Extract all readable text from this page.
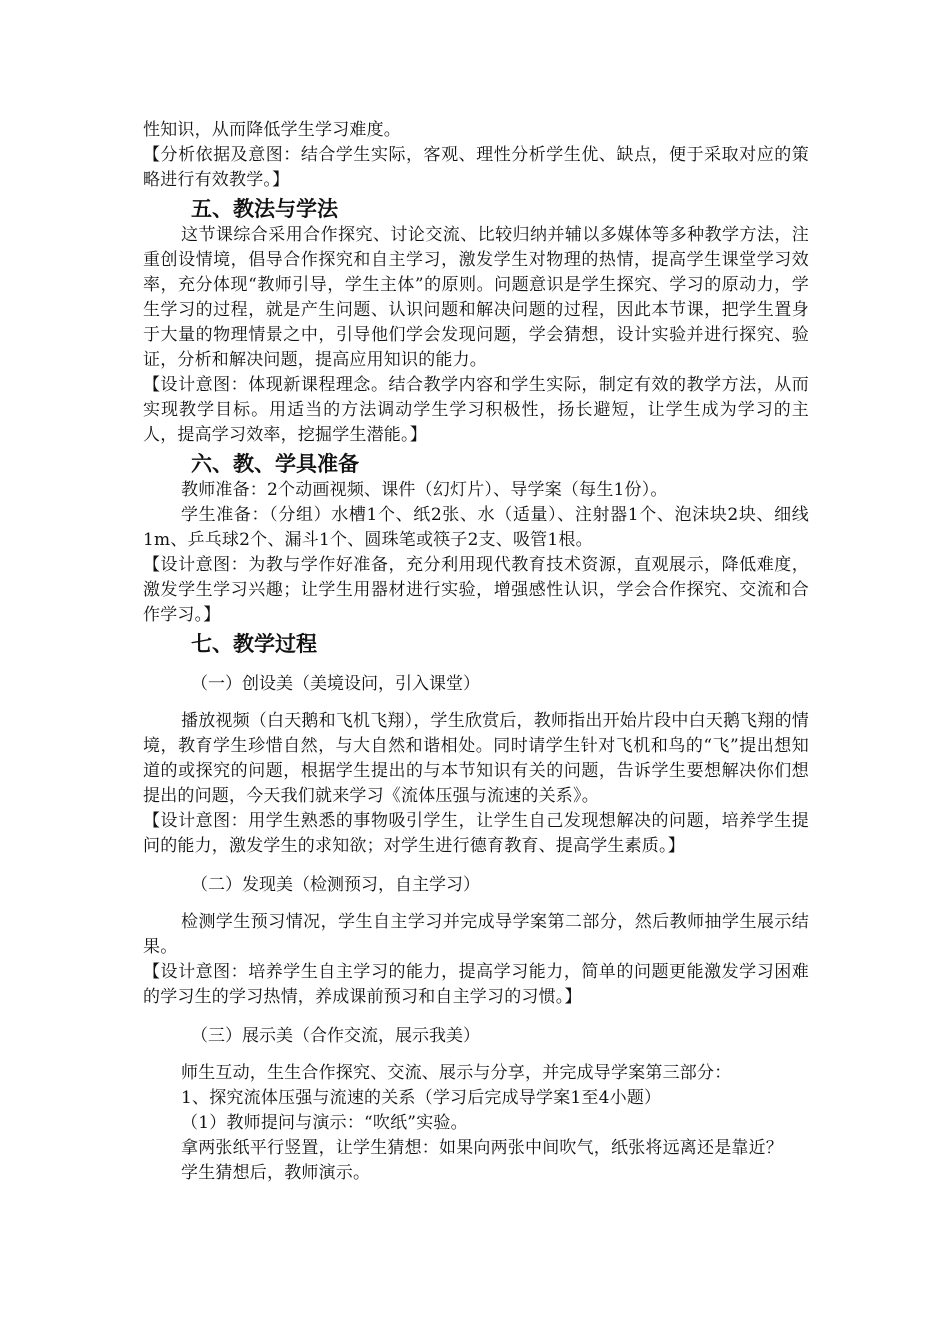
性知识，从而降低学生学习难度。

【分析依据及意图：结合学生实际，客观、理性分析学生优、缺点，便于采取对应的策略进行有效教学。】

五、教法与学法

这节课综合采用合作探究、讨论交流、比较归纳并辅以多媒体等多种教学方法，注重创设情境，倡导合作探究和自主学习，激发学生对物理的热情，提高学生课堂学习效率，充分体现“教师引导，学生主体”的原则。问题意识是学生探究、学习的原动力，学生学习的过程，就是产生问题、认识问题和解决问题的过程，因此本节课，把学生置身于大量的物理情景之中，引导他们学会发现问题，学会猜想，设计实验并进行探究、验证，分析和解决问题，提高应用知识的能力。

【设计意图：体现新课程理念。结合教学内容和学生实际，制定有效的教学方法，从而实现教学目标。用适当的方法调动学生学习积极性，扬长避短，让学生成为学习的主人，提高学习效率，挖掘学生潜能。】

六、教、学具准备

教师准备：2个动画视频、课件（幻灯片）、导学案（每生1份）。

学生准备：（分组）水槽1个、纸2张、水（适量）、注射器1个、泡沫块2块、细线1m、乒乓球2个、漏斗1个、圆珠笔或筷子2支、吸管1根。

【设计意图：为教与学作好准备，充分利用现代教育技术资源，直观展示，降低难度，激发学生学习兴趣；让学生用器材进行实验，增强感性认识，学会合作探究、交流和合作学习。】

七、教学过程
（一）创设美（美境设问，引入课堂）

播放视频（白天鹅和飞机飞翔），学生欣赏后，教师指出开始片段中白天鹅飞翔的情境，教育学生珍惜自然，与大自然和谐相处。同时请学生针对飞机和鸟的“飞”提出想知道的或探究的问题，根据学生提出的与本节知识有关的问题，告诉学生要想解决你们想提出的问题，今天我们就来学习《流体压强与流速的关系》。

【设计意图：用学生熟悉的事物吸引学生，让学生自己发现想解决的问题，培养学生提问的能力，激发学生的求知欲；对学生进行德育教育、提高学生素质。】

（二）发现美（检测预习，自主学习）

检测学生预习情况，学生自主学习并完成导学案第二部分，然后教师抽学生展示结果。

【设计意图：培养学生自主学习的能力，提高学习能力，简单的问题更能激发学习困难的学习生的学习热情，养成课前预习和自主学习的习惯。】

（三）展示美（合作交流，展示我美）

师生互动，生生合作探究、交流、展示与分享，并完成导学案第三部分：

1、探究流体压强与流速的关系（学习后完成导学案1至4小题）

（1）教师提问与演示：“吹纸”实验。

拿两张纸平行竖置，让学生猜想：如果向两张中间吹气，纸张将远离还是靠近？

学生猜想后，教师演示。
